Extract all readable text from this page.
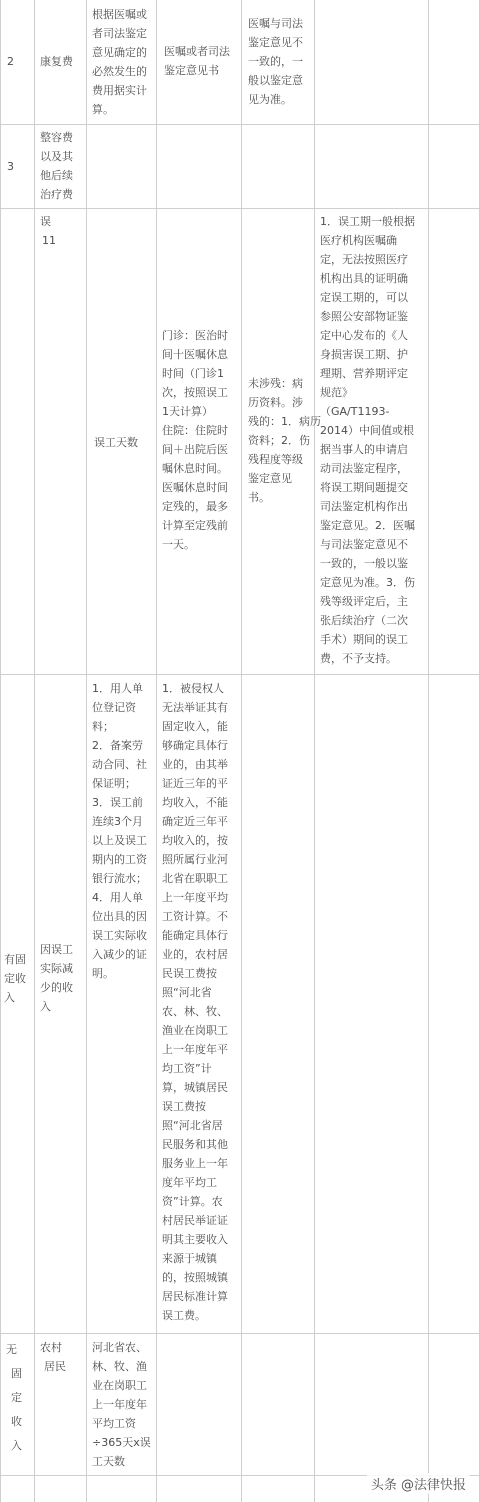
2 康复费
根据医嘱或
者司法鉴定
意见确定的
必然发生的
费用据实计
算。
医嘱或者司法鉴定意见书
医嘱与司法
鉴定意见不
一致的，一
般以鉴定意
见为准。
3
整容费
以及其
他后续
治疗费
误
11
误工天数
门诊：医治时
间十医嘱休息
时间（门诊1
次，按照误工
1天计算）
住院：住院时
间＋出院后医
嘱休息时间。
医嘱休息时间
定残的，最多
计算至定残前
一天。
未涉残：病
历资料。涉
残的：1．病历
资料；2．伤
残程度等级
鉴定意见
书。
1．误工期一般根据
医疗机构医嘱确
定，无法按照医疗
机构出具的证明确
定误工期的，可以
参照公安部物证鉴
定中心发布的《人
身损害误工期、护
理期、营养期评定
规范》
（GA/T1193-
2014）中间值或根
据当事人的申请启
动司法鉴定程序，
将误工期间题提交
司法鉴定机构作出
鉴定意见。2．医嘱
与司法鉴定意见不
一致的，一般以鉴
定意见为准。3．伤
残等级评定后，主
张后续治疗（二次
手术）期间的误工
费，不予支持。
有固
定收
入
因误工
实际减
少的收
入
1．用人单
位登记资
料；
2．备案劳
动合同、社
保证明；
3．误工前
连续3个月
以上及误工
期内的工资
银行流水；
4．用人单
位出具的因
误工实际收
入减少的证
明。
1．被侵权人
无法举证其有
固定收入，能
够确定具体行
业的，由其举
证近三年的平
均收入，不能
确定近三年平
均收入的，按
照所属行业河
北省在职职工
上一年度平均
工资计算。不
能确定具体行
业的，农村居
民误工费按
照“河北省
农、林、牧、
渔业在岗职工
上一年度年平
均工资”计
算，城镇居民
误工费按
照“河北省居
民服务和其他
服务业上一年
度年平均工
资”计算。农
村居民举证证
明其主要收入
来源于城镇
的，按照城镇
居民标准计算
误工费。
无
固
定
收
入
农村
居民
河北省农、
林、牧、渔
业在岗职工
上一年度年
平均工资
÷365天x误
工天数
头条 @法律快报
